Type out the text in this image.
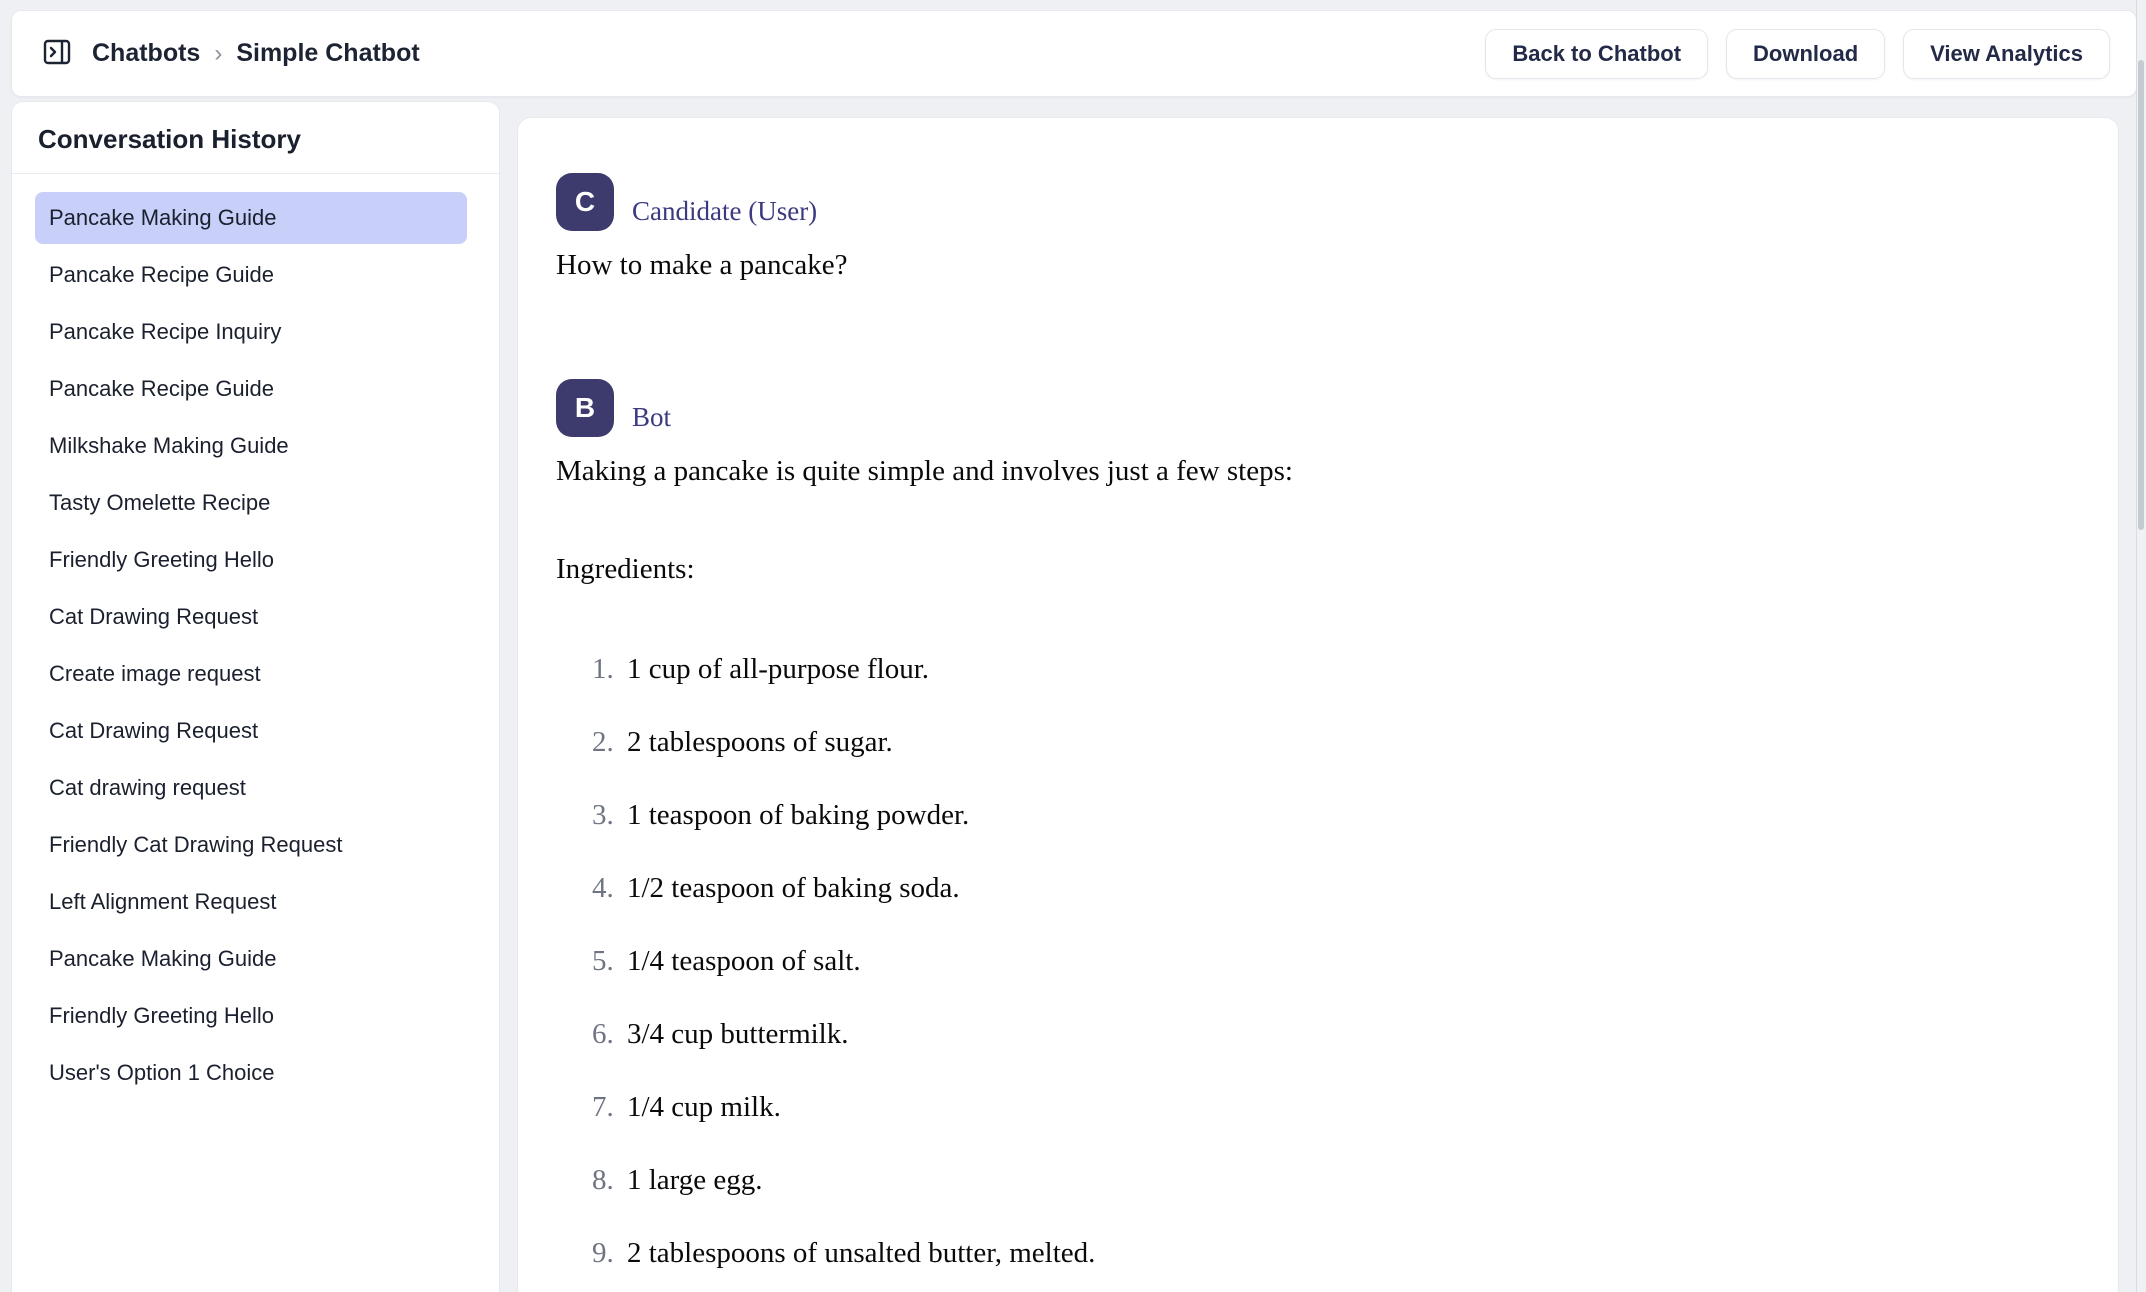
Chatbots › Simple Chatbot	Back to Chatbot	Download	View Analytics
Conversation History
Pancake Making Guide
Pancake Recipe Guide
Pancake Recipe Inquiry
Pancake Recipe Guide
Milkshake Making Guide
Tasty Omelette Recipe
Friendly Greeting Hello
Cat Drawing Request
Create image request
Cat Drawing Request
Cat drawing request
Friendly Cat Drawing Request
Left Alignment Request
Pancake Making Guide
Friendly Greeting Hello
User's Option 1 Choice
C	Candidate (User)
How to make a pancake?
B	Bot

Making a pancake is quite simple and involves just a few steps:

Ingredients:

1. 1 cup of all-purpose flour.
2. 2 tablespoons of sugar.
3. 1 teaspoon of baking powder.
4. 1/2 teaspoon of baking soda.
5. 1/4 teaspoon of salt.
6. 3/4 cup buttermilk.
7. 1/4 cup milk.
8. 1 large egg.
9. 2 tablespoons of unsalted butter, melted.
